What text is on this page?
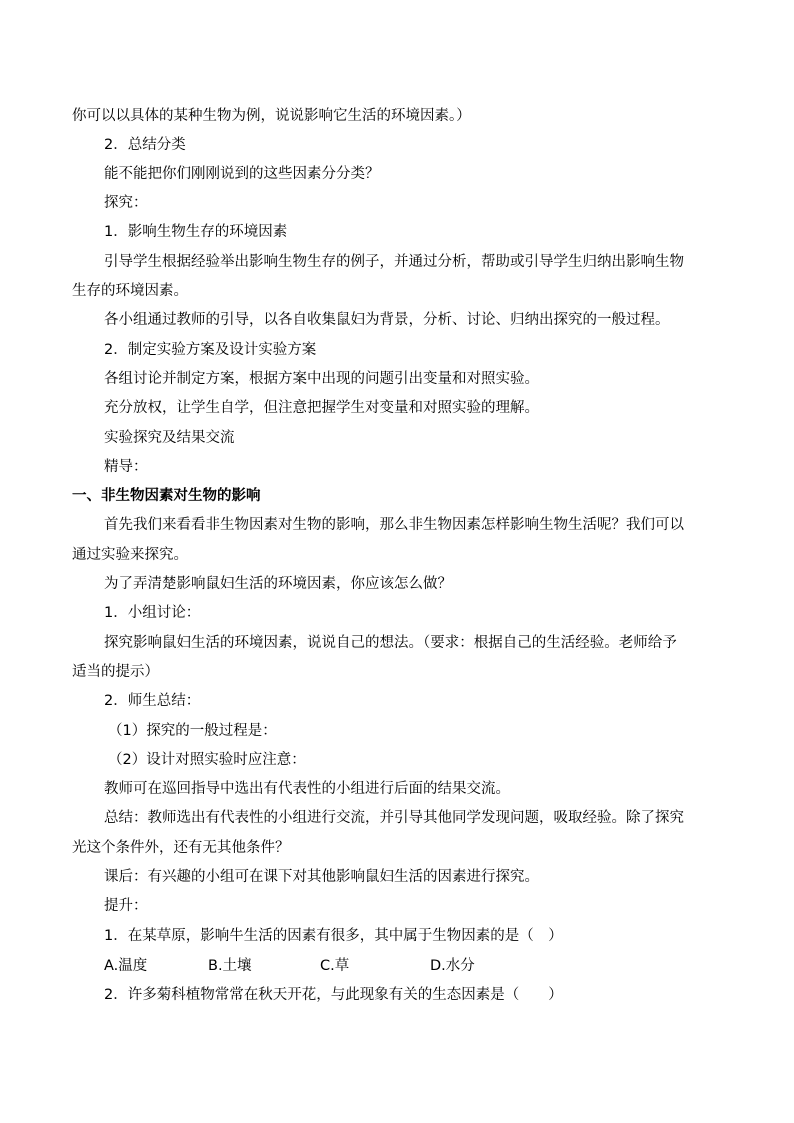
你可以以具体的某种生物为例，说说影响它生活的环境因素。）
2．总结分类
能不能把你们刚刚说到的这些因素分分类？
探究：
1．影响生物生存的环境因素
引导学生根据经验举出影响生物生存的例子，并通过分析，帮助或引导学生归纳出影响生物
生存的环境因素。
各小组通过教师的引导，以各自收集鼠妇为背景，分析、讨论、归纳出探究的一般过程。
2．制定实验方案及设计实验方案
各组讨论并制定方案，根据方案中出现的问题引出变量和对照实验。
充分放权，让学生自学，但注意把握学生对变量和对照实验的理解。
实验探究及结果交流
精导：
一、非生物因素对生物的影响
首先我们来看看非生物因素对生物的影响，那么非生物因素怎样影响生物生活呢？我们可以
通过实验来探究。
为了弄清楚影响鼠妇生活的环境因素，你应该怎么做？
1．小组讨论：
探究影响鼠妇生活的环境因素，说说自己的想法。（要求：根据自己的生活经验。老师给予
适当的提示）
2．师生总结：
（1）探究的一般过程是：
（2）设计对照实验时应注意：
教师可在巡回指导中选出有代表性的小组进行后面的结果交流。
总结：教师选出有代表性的小组进行交流，并引导其他同学发现问题，吸取经验。除了探究
光这个条件外，还有无其他条件？
课后：有兴趣的小组可在课下对其他影响鼠妇生活的因素进行探究。
提升：
1．在某草原，影响牛生活的因素有很多，其中属于生物因素的是（　）
A.温度	B.土壤	C.草	D.水分
2．许多菊科植物常常在秋天开花，与此现象有关的生态因素是（　　）
